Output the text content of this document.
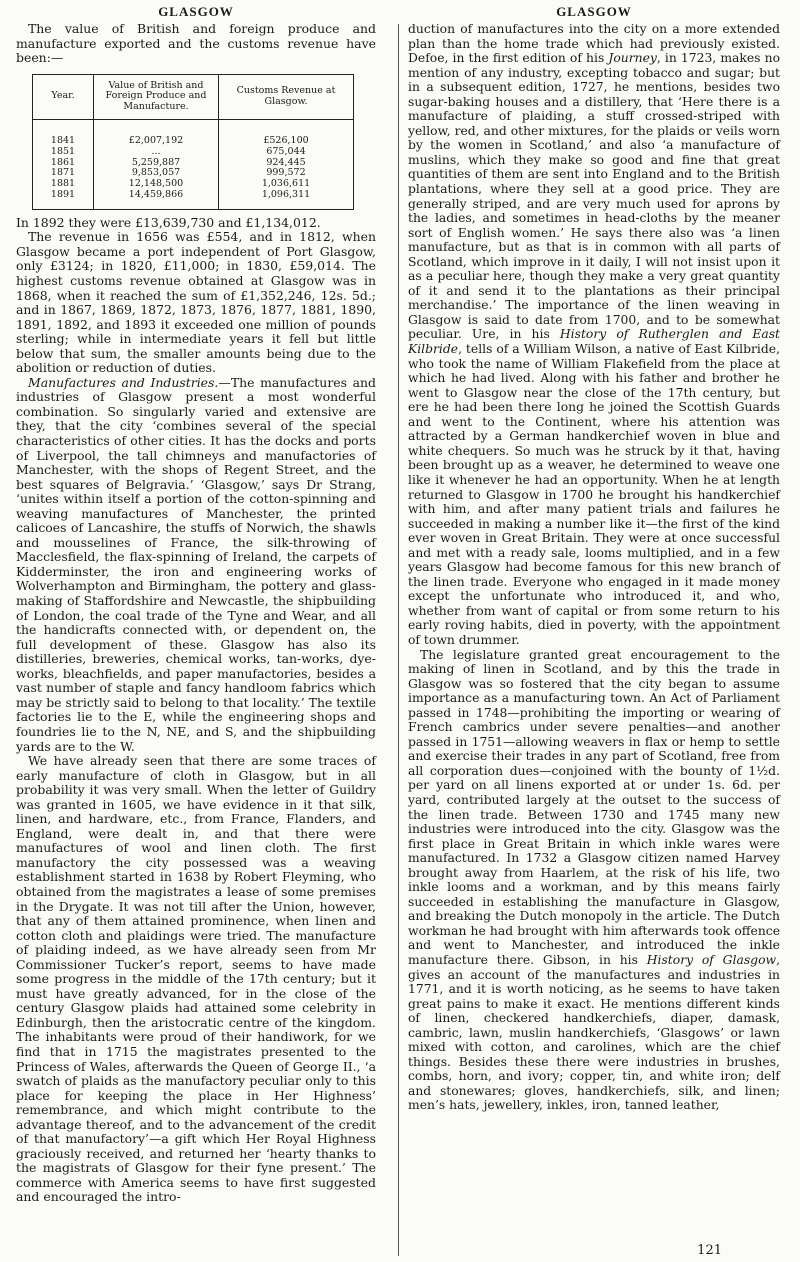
GLASGOW

The value of British and foreign produce and manufacture exported and the customs revenue have been:—

Year.	Value of British and Foreign Produce and Manufacture.	Customs Revenue at Glasgow.
1841	£2,007,192	£526,100
1851	...	675,044
1861	5,259,887	924,445
1871	9,853,057	999,572
1881	12,148,500	1,036,611
1891	14,459,866	1,096,311

In 1892 they were £13,639,730 and £1,134,012.

The revenue in 1656 was £554, and in 1812, when Glasgow became a port independent of Port Glasgow, only £3124; in 1820, £11,000; in 1830, £59,014. The highest customs revenue obtained at Glasgow was in 1868, when it reached the sum of £1,352,246, 12s. 5d.; and in 1867, 1869, 1872, 1873, 1876, 1877, 1881, 1890, 1891, 1892, and 1893 it exceeded one million of pounds sterling; while in intermediate years it fell but little below that sum, the smaller amounts being due to the abolition or reduction of duties.

Manufactures and Industries.—The manufactures and industries of Glasgow present a most wonderful combination. So singularly varied and extensive are they, that the city ‘combines several of the special characteristics of other cities. It has the docks and ports of Liverpool, the tall chimneys and manufactories of Manchester, with the shops of Regent Street, and the best squares of Belgravia.’ ‘Glasgow,’ says Dr Strang, ‘unites within itself a portion of the cotton-spinning and weaving manufactures of Manchester, the printed calicoes of Lancashire, the stuffs of Norwich, the shawls and mousselines of France, the silk-throwing of Macclesfield, the flax-spinning of Ireland, the carpets of Kidderminster, the iron and engineering works of Wolverhampton and Birmingham, the pottery and glass-making of Staffordshire and Newcastle, the shipbuilding of London, the coal trade of the Tyne and Wear, and all the handicrafts connected with, or dependent on, the full development of these. Glasgow has also its distilleries, breweries, chemical works, tan-works, dye-works, bleachfields, and paper manufactories, besides a vast number of staple and fancy handloom fabrics which may be strictly said to belong to that locality.’ The textile factories lie to the E, while the engineering shops and foundries lie to the N, NE, and S, and the shipbuilding yards are to the W.

We have already seen that there are some traces of early manufacture of cloth in Glasgow, but in all probability it was very small. When the letter of Guildry was granted in 1605, we have evidence in it that silk, linen, and hardware, etc., from France, Flanders, and England, were dealt in, and that there were manufactures of wool and linen cloth. The first manufactory the city possessed was a weaving establishment started in 1638 by Robert Fleyming, who obtained from the magistrates a lease of some premises in the Drygate. It was not till after the Union, however, that any of them attained prominence, when linen and cotton cloth and plaidings were tried. The manufacture of plaiding indeed, as we have already seen from Mr Commissioner Tucker’s report, seems to have made some progress in the middle of the 17th century; but it must have greatly advanced, for in the close of the century Glasgow plaids had attained some celebrity in Edinburgh, then the aristocratic centre of the kingdom. The inhabitants were proud of their handiwork, for we find that in 1715 the magistrates presented to the Princess of Wales, afterwards the Queen of George II., ‘a swatch of plaids as the manufactory peculiar only to this place for keeping the place in Her Highness’ remembrance, and which might contribute to the advantage thereof, and to the advancement of the credit of that manufactory’—a gift which Her Royal Highness graciously received, and returned her ‘hearty thanks to the magistrats of Glasgow for their fyne present.’ The commerce with America seems to have first suggested and encouraged the intro-

GLASGOW

duction of manufactures into the city on a more extended plan than the home trade which had previously existed. Defoe, in the first edition of his Journey, in 1723, makes no mention of any industry, excepting tobacco and sugar; but in a subsequent edition, 1727, he mentions, besides two sugar-baking houses and a distillery, that ‘Here there is a manufacture of plaiding, a stuff crossed-striped with yellow, red, and other mixtures, for the plaids or veils worn by the women in Scotland,’ and also ‘a manufacture of muslins, which they make so good and fine that great quantities of them are sent into England and to the British plantations, where they sell at a good price. They are generally striped, and are very much used for aprons by the ladies, and sometimes in head-cloths by the meaner sort of English women.’ He says there also was ‘a linen manufacture, but as that is in common with all parts of Scotland, which improve in it daily, I will not insist upon it as a peculiar here, though they make a very great quantity of it and send it to the plantations as their principal merchandise.’ The importance of the linen weaving in Glasgow is said to date from 1700, and to be somewhat peculiar. Ure, in his History of Rutherglen and East Kilbride, tells of a William Wilson, a native of East Kilbride, who took the name of William Flakefield from the place at which he had lived. Along with his father and brother he went to Glasgow near the close of the 17th century, but ere he had been there long he joined the Scottish Guards and went to the Continent, where his attention was attracted by a German handkerchief woven in blue and white chequers. So much was he struck by it that, having been brought up as a weaver, he determined to weave one like it whenever he had an opportunity. When he at length returned to Glasgow in 1700 he brought his handkerchief with him, and after many patient trials and failures he succeeded in making a number like it—the first of the kind ever woven in Great Britain. They were at once successful and met with a ready sale, looms multiplied, and in a few years Glasgow had become famous for this new branch of the linen trade. Everyone who engaged in it made money except the unfortunate who introduced it, and who, whether from want of capital or from some return to his early roving habits, died in poverty, with the appointment of town drummer.

The legislature granted great encouragement to the making of linen in Scotland, and by this the trade in Glasgow was so fostered that the city began to assume importance as a manufacturing town. An Act of Parliament passed in 1748—prohibiting the importing or wearing of French cambrics under severe penalties—and another passed in 1751—allowing weavers in flax or hemp to settle and exercise their trades in any part of Scotland, free from all corporation dues—conjoined with the bounty of 1½d. per yard on all linens exported at or under 1s. 6d. per yard, contributed largely at the outset to the success of the linen trade. Between 1730 and 1745 many new industries were introduced into the city. Glasgow was the first place in Great Britain in which inkle wares were manufactured. In 1732 a Glasgow citizen named Harvey brought away from Haarlem, at the risk of his life, two inkle looms and a workman, and by this means fairly succeeded in establishing the manufacture in Glasgow, and breaking the Dutch monopoly in the article. The Dutch workman he had brought with him afterwards took offence and went to Manchester, and introduced the inkle manufacture there. Gibson, in his History of Glasgow, gives an account of the manufactures and industries in 1771, and it is worth noticing, as he seems to have taken great pains to make it exact. He mentions different kinds of linen, checkered handkerchiefs, diaper, damask, cambric, lawn, muslin handkerchiefs, ‘Glasgows’ or lawn mixed with cotton, and carolines, which are the chief things. Besides these there were industries in brushes, combs, horn, and ivory; copper, tin, and white iron; delf and stonewares; gloves, handkerchiefs, silk, and linen; men’s hats, jewellery, inkles, iron, tanned leather,

121
